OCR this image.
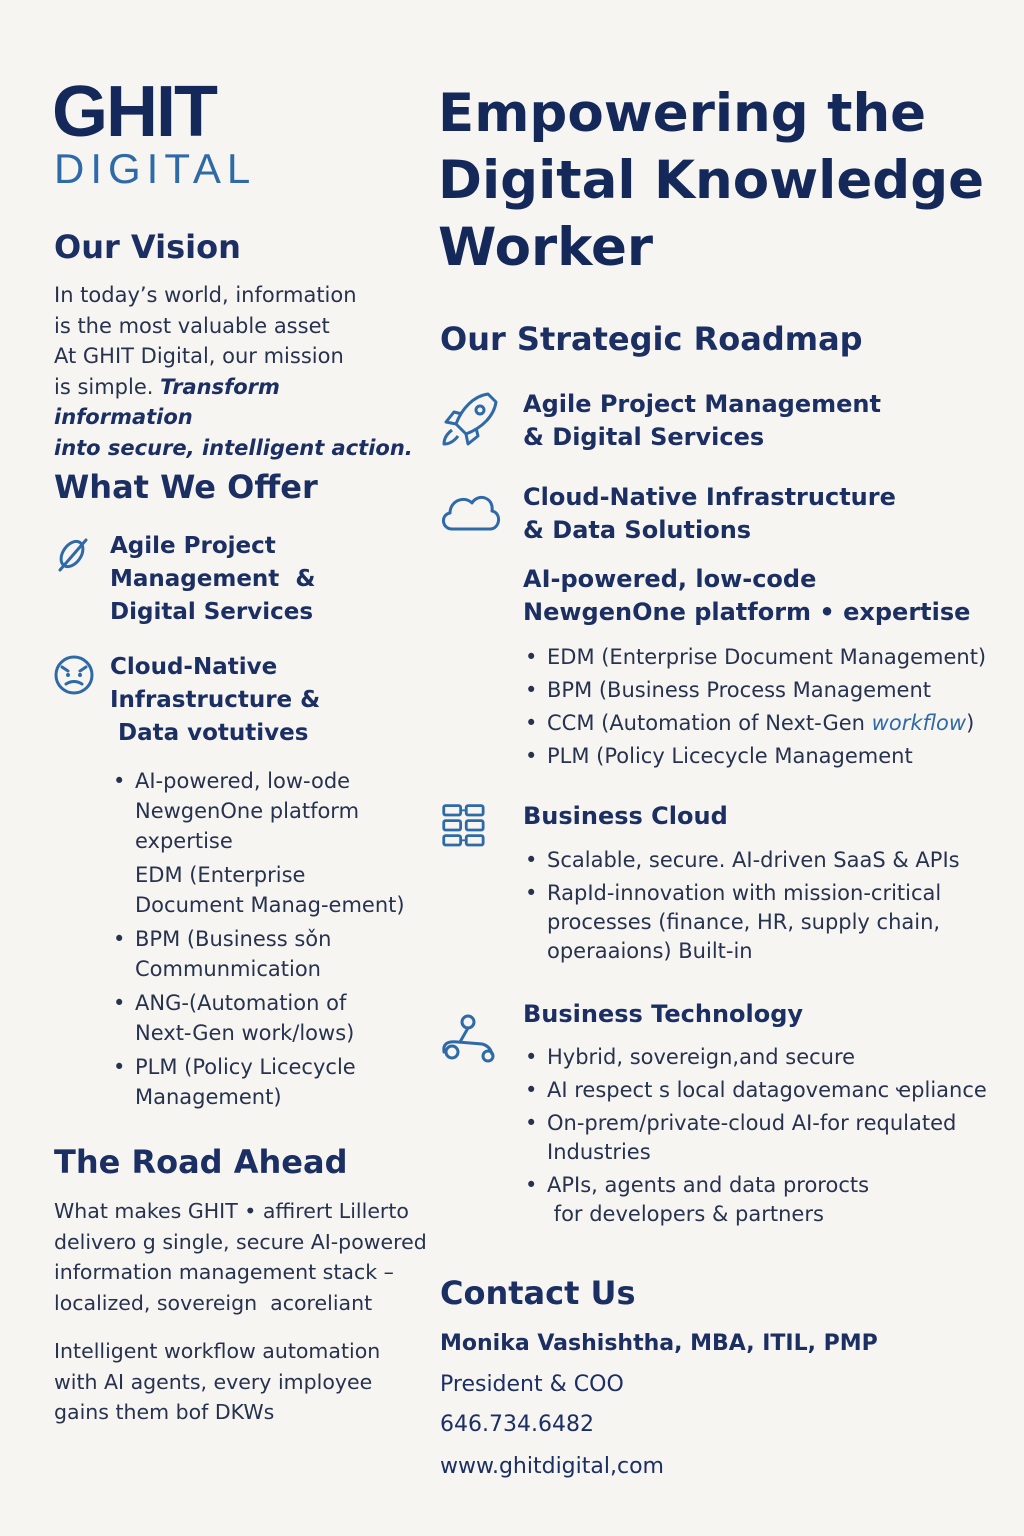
GHIT
DIGITAL
Our Vision
In today’s world, information
is the most valuable asset
At GHIT Digital, our mission
is simple. Transform information
into secure, intelligent action.
What We Offer
Agile Project
Management  &
Digital Services
Cloud-Native
Infrastructure &
Data votutives
• AI-powered, low-ode
NewgenOne platform
expertise
EDM (Enterprise
Document Manag-ement)
• BPM (Business sǒn
Communmication
• ANG-(Automation of
Next-Gen work/lows)
• PLM (Policy Licecycle
Management)
The Road Ahead
What makes GHIT • affirert Lillerto
delivero g single, secure AI-powered
information management stack –
localized, sovereign  acoreliant
Intelligent workflow automation
with AI agents, every imployee
gains them bof DKWs
Empowering the
Digital Knowledge
Worker
Our Strategic Roadmap
Agile Project Management
& Digital Services
Cloud-Native Infrastructure
& Data Solutions
AI-powered, low-code
NewgenOne platform • expertise
• EDM (Enterprise Document Management)
• BPM (Business Process Management
• CCM (Automation of Next-Gen workflow)
• PLM (Policy Licecycle Management
Business Cloud
• Scalable, secure. AI-driven SaaS & APIs
• RapId-innovation with mission-critical
processes (finance, HR, supply chain,
operaaions) Built-in
Business Technology
• Hybrid, sovereign,and secure
• AI respect s local datagovemanc ҽpliance
• On-prem/private-cloud AI-for requlated
Industries
• APIs, agents and data prorocts
for developers & partners
Contact Us
Monika Vashishtha, MBA, ITIL, PMP
President & COO
646.734.6482
www.ghitdigital,com
